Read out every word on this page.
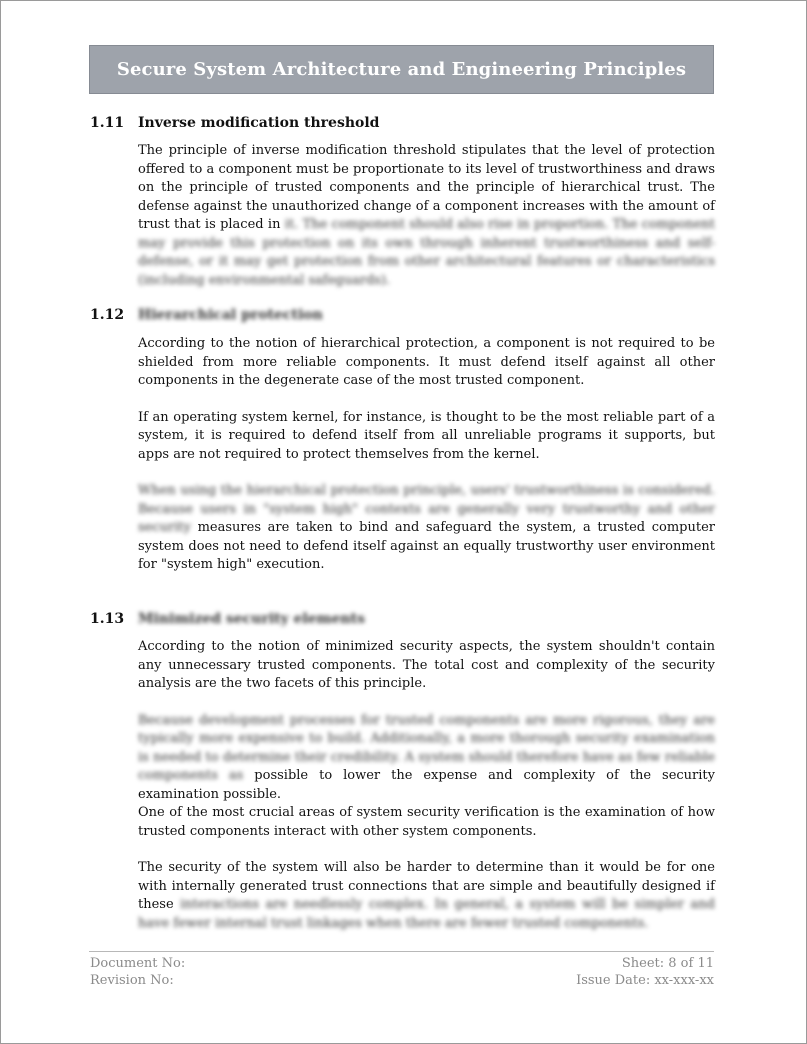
Secure System Architecture and Engineering Principles
1.11 Inverse modification threshold

The principle of inverse modification threshold stipulates that the level of protection offered to a component must be proportionate to its level of trustworthiness and draws on the principle of trusted components and the principle of hierarchical trust. The defense against the unauthorized change of a component increases with the amount of trust that is placed in it. The component should also rise in proportion. The component may provide this protection on its own through inherent trustworthiness and self-defense, or it may get protection from other architectural features or characteristics (including environmental safeguards).

1.12 Hierarchical protection

According to the notion of hierarchical protection, a component is not required to be shielded from more reliable components. It must defend itself against all other components in the degenerate case of the most trusted component.

If an operating system kernel, for instance, is thought to be the most reliable part of a system, it is required to defend itself from all unreliable programs it supports, but apps are not required to protect themselves from the kernel.

When using the hierarchical protection principle, users' trustworthiness is considered. Because users in "system high" contexts are generally very trustworthy and other security measures are taken to bind and safeguard the system, a trusted computer system does not need to defend itself against an equally trustworthy user environment for "system high" execution.

1.13 Minimized security elements

According to the notion of minimized security aspects, the system shouldn't contain any unnecessary trusted components. The total cost and complexity of the security analysis are the two facets of this principle.

Because development processes for trusted components are more rigorous, they are typically more expensive to build. Additionally, a more thorough security examination is needed to determine their credibility. A system should therefore have as few reliable components as possible to lower the expense and complexity of the security examination possible.
One of the most crucial areas of system security verification is the examination of how trusted components interact with other system components.

The security of the system will also be harder to determine than it would be for one with internally generated trust connections that are simple and beautifully designed if these interactions are needlessly complex. In general, a system will be simpler and have fewer internal trust linkages when there are fewer trusted components.

Document No:	Sheet: 8 of 11
Revision No:	Issue Date: xx-xxx-xx
